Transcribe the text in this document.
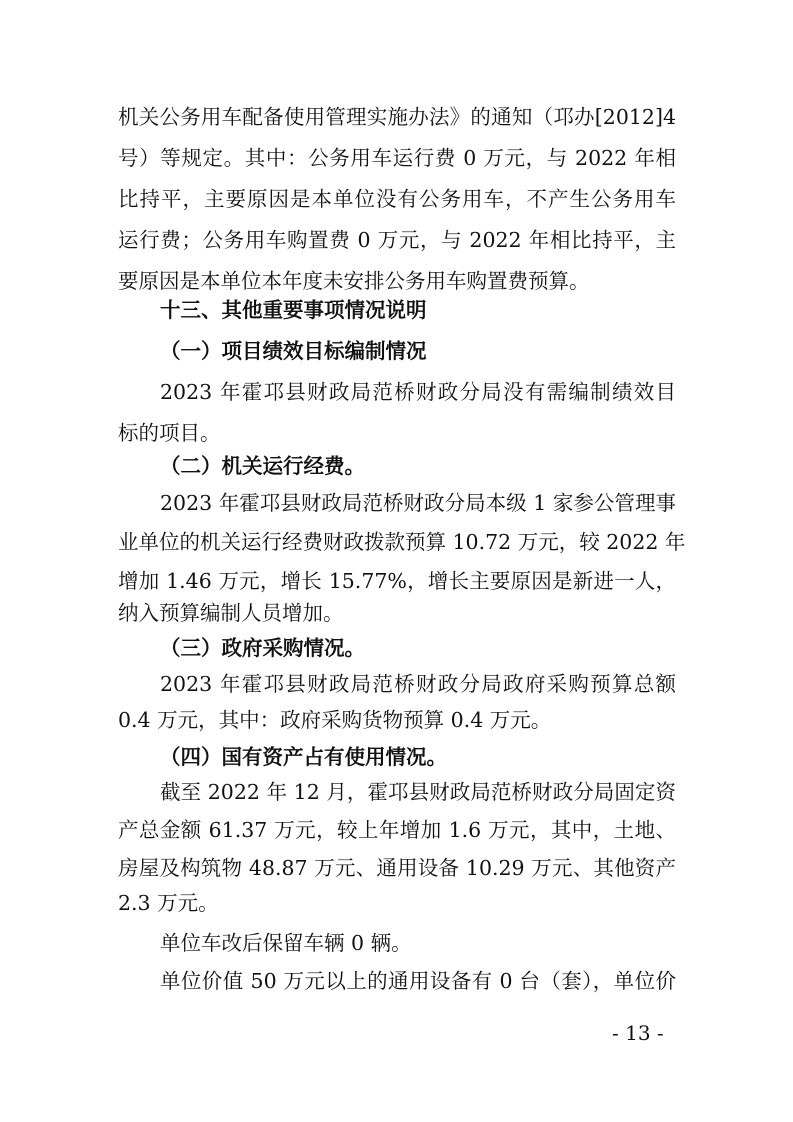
机关公务用车配备使用管理实施办法》的通知（邛办[2012]4
号）等规定。其中：公务用车运行费 0 万元，与 2022 年相
比持平，主要原因是本单位没有公务用车，不产生公务用车
运行费；公务用车购置费 0 万元，与 2022 年相比持平，主
要原因是本单位本年度未安排公务用车购置费预算。
十三、其他重要事项情况说明
（一）项目绩效目标编制情况
2023 年霍邛县财政局范桥财政分局没有需编制绩效目
标的项目。
（二）机关运行经费。
2023 年霍邛县财政局范桥财政分局本级 1 家参公管理事
业单位的机关运行经费财政拨款预算 10.72 万元，较 2022 年
增加 1.46 万元，增长 15.77%，增长主要原因是新进一人，
纳入预算编制人员增加。
（三）政府采购情况。
2023 年霍邛县财政局范桥财政分局政府采购预算总额
0.4 万元，其中：政府采购货物预算 0.4 万元。
（四）国有资产占有使用情况。
截至 2022 年 12 月，霍邛县财政局范桥财政分局固定资
产总金额 61.37 万元，较上年增加 1.6 万元，其中，土地、
房屋及构筑物 48.87 万元、通用设备 10.29 万元、其他资产
2.3 万元。
单位车改后保留车辆 0 辆。
单位价值 50 万元以上的通用设备有 0 台（套），单位价
- 13 -
